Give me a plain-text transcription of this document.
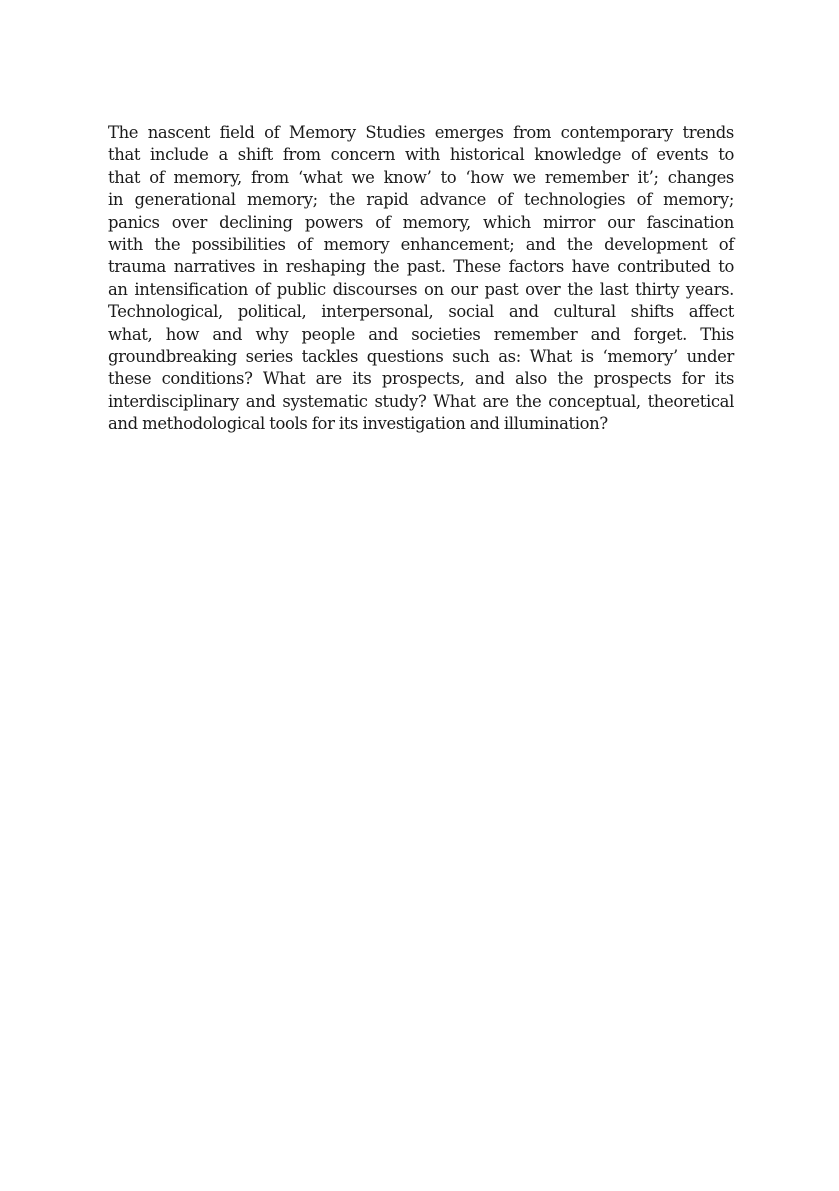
The nascent field of Memory Studies emerges from contemporary trends
that include a shift from concern with historical knowledge of events to
that of memory, from ‘what we know’ to ‘how we remember it’; changes
in generational memory; the rapid advance of technologies of memory;
panics over declining powers of memory, which mirror our fascination
with the possibilities of memory enhancement; and the development of
trauma narratives in reshaping the past. These factors have contributed to
an intensification of public discourses on our past over the last thirty years.
Technological, political, interpersonal, social and cultural shifts affect
what, how and why people and societies remember and forget. This
groundbreaking series tackles questions such as: What is ‘memory’ under
these conditions? What are its prospects, and also the prospects for its
interdisciplinary and systematic study? What are the conceptual, theoretical
and methodological tools for its investigation and illumination?
